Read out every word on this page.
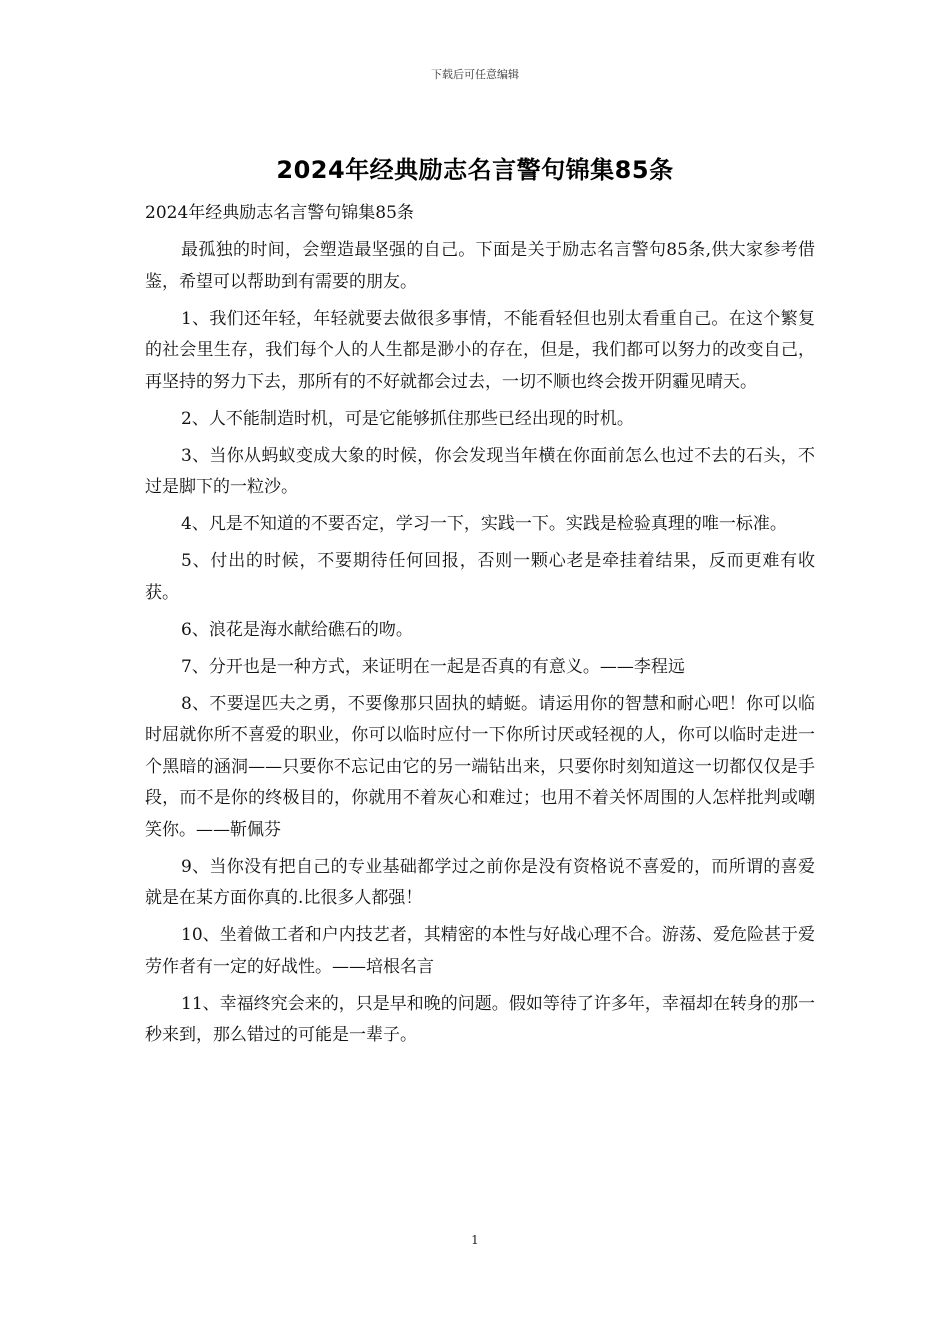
下载后可任意编辑
2024年经典励志名言警句锦集85条

2024年经典励志名言警句锦集85条

最孤独的时间，会塑造最坚强的自己。下面是关于励志名言警句85条,供大家参考借鉴，希望可以帮助到有需要的朋友。

1、我们还年轻，年轻就要去做很多事情，不能看轻但也别太看重自己。在这个繁复的社会里生存，我们每个人的人生都是渺小的存在，但是，我们都可以努力的改变自己，再坚持的努力下去，那所有的不好就都会过去，一切不顺也终会拨开阴霾见晴天。

2、人不能制造时机，可是它能够抓住那些已经出现的时机。

3、当你从蚂蚁变成大象的时候，你会发现当年横在你面前怎么也过不去的石头，不过是脚下的一粒沙。

4、凡是不知道的不要否定，学习一下，实践一下。实践是检验真理的唯一标准。

5、付出的时候，不要期待任何回报，否则一颗心老是牵挂着结果，反而更难有收获。

6、浪花是海水献给礁石的吻。

7、分开也是一种方式，来证明在一起是否真的有意义。——李程远

8、不要逞匹夫之勇，不要像那只固执的蜻蜓。请运用你的智慧和耐心吧！你可以临时屈就你所不喜爱的职业，你可以临时应付一下你所讨厌或轻视的人，你可以临时走进一个黑暗的涵洞——只要你不忘记由它的另一端钻出来，只要你时刻知道这一切都仅仅是手段，而不是你的终极目的，你就用不着灰心和难过；也用不着关怀周围的人怎样批判或嘲笑你。——靳佩芬

9、当你没有把自己的专业基础都学过之前你是没有资格说不喜爱的，而所谓的喜爱就是在某方面你真的.比很多人都强！

10、坐着做工者和户内技艺者，其精密的本性与好战心理不合。游荡、爱危险甚于爱劳作者有一定的好战性。——培根名言

11、幸福终究会来的，只是早和晚的问题。假如等待了许多年，幸福却在转身的那一秒来到，那么错过的可能是一辈子。

1
